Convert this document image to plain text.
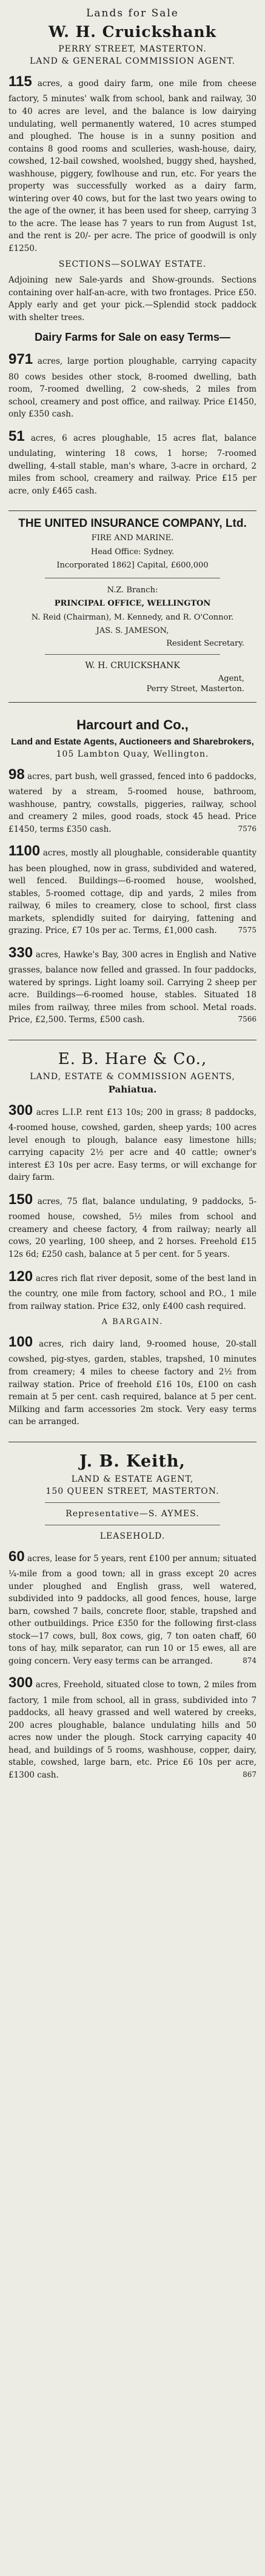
Lands for Sale
W. H. Cruickshank
PERRY STREET, MASTERTON.
LAND & GENERAL COMMISSION AGENT.

115 acres, a good dairy farm, one mile from cheese factory, 5 minutes' walk from school, bank and railway, 30 to 40 acres are level, and the balance is low dairying undulating, well permanently watered, 10 acres stumped and ploughed. The house is in a sunny position and contains 8 good rooms and sculleries, wash-house, dairy, cowshed, 12-bail cowshed, woolshed, buggy shed, hayshed, washhouse, piggery, fowlhouse and run, etc. For years the property was successfully worked as a dairy farm, wintering over 40 cows, but for the last two years owing to the age of the owner, it has been used for sheep, carrying 3 to the acre. The lease has 7 years to run from August 1st, and the rent is 20/- per acre. The price of goodwill is only £1250.

SECTIONS—SOLWAY ESTATE.

Adjoining new Sale-yards and Show-grounds. Sections containing over half-an-acre, with two frontages. Price £50. Apply early and get your pick.—Splendid stock paddock with shelter trees.

Dairy Farms for Sale on easy Terms—

971 acres, large portion ploughable, carrying capacity 80 cows besides other stock, 8-roomed dwelling, bath room, 7-roomed dwelling, 2 cow-sheds, 2 miles from school, creamery and post office, and railway. Price £1450, only £350 cash.

51 acres, 6 acres ploughable, 15 acres flat, balance undulating, wintering 18 cows, 1 horse; 7-roomed dwelling, 4-stall stable, man's whare, 3-acre in orchard, 2 miles from school, creamery and railway. Price £15 per acre, only £465 cash.

THE UNITED INSURANCE COMPANY, Ltd.
FIRE AND MARINE.
Head Office: Sydney.
Incorporated 1862] Capital, £600,000
N.Z. Branch:
PRINCIPAL OFFICE, WELLINGTON
N. Reid (Chairman), M. Kennedy, and R. O'Connor.
JAS. S. JAMESON,
Resident Secretary.
W. H. CRUICKSHANK
Agent,
Perry Street, Masterton.
Harcourt and Co.,
Land and Estate Agents, Auctioneers and Sharebrokers,
105 Lambton Quay, Wellington.

98 acres, part bush, well grassed, fenced into 6 paddocks, watered by a stream, 5-roomed house, bathroom, washhouse, pantry, cowstalls, piggeries, railway, school and creamery 2 miles, good roads, stock 45 head. Price £1450, terms £350 cash.	7576

1100 acres, mostly all ploughable, considerable quantity has been ploughed, now in grass, subdivided and watered, well fenced. Buildings—6-roomed house, woolshed, stables, 5-roomed cottage, dip and yards, 2 miles from railway, 6 miles to creamery, close to school, first class markets, splendidly suited for dairying, fattening and grazing. Price, £7 10s per ac. Terms, £1,000 cash.	7575

330 acres, Hawke's Bay, 300 acres in English and Native grasses, balance now felled and grassed. In four paddocks, watered by springs. Light loamy soil. Carrying 2 sheep per acre. Buildings—6-roomed house, stables. Situated 18 miles from railway, three miles from school. Metal roads. Price, £2,500. Terms, £500 cash.	7566

E. B. Hare & Co.,
LAND, ESTATE & COMMISSION AGENTS,
Pahiatua.

300 acres L.I.P. rent £13 10s; 200 in grass; 8 paddocks, 4-roomed house, cowshed, garden, sheep yards; 100 acres level enough to plough, balance easy limestone hills; carrying capacity 2½ per acre and 40 cattle; owner's interest £3 10s per acre. Easy terms, or will exchange for dairy farm.

150 acres, 75 flat, balance undulating, 9 paddocks, 5-roomed house, cowshed, 5½ miles from school and creamery and cheese factory, 4 from railway; nearly all cows, 20 yearling, 100 sheep, and 2 horses. Freehold £15 12s 6d; £250 cash, balance at 5 per cent. for 5 years.

120 acres rich flat river deposit, some of the best land in the country, one mile from factory, school and P.O., 1 mile from railway station. Price £32, only £400 cash required.

A BARGAIN.

100 acres, rich dairy land, 9-roomed house, 20-stall cowshed, pig-styes, garden, stables, trapshed, 10 minutes from creamery; 4 miles to cheese factory and 2½ from railway station. Price of freehold £16 10s, £100 on cash remain at 5 per cent. cash required, balance at 5 per cent. Milking and farm accessories 2m stock. Very easy terms can be arranged.

J. B. Keith,
LAND & ESTATE AGENT,
150 QUEEN STREET, MASTERTON.
Representative—S. AYMES.
LEASEHOLD.

60 acres, lease for 5 years, rent £100 per annum; situated ¼-mile from a good town; all in grass except 20 acres under ploughed and English grass, well watered, subdivided into 9 paddocks, all good fences, house, large barn, cowshed 7 bails, concrete floor, stable, trapshed and other outbuildings. Price £350 for the following first-class stock—17 cows, bull, 8ox cows, gig, 7 ton oaten chaff, 60 tons of hay, milk separator, can run 10 or 15 ewes, all are going concern. Very easy terms can be arranged.	874

300 acres, Freehold, situated close to town, 2 miles from factory, 1 mile from school, all in grass, subdivided into 7 paddocks, all heavy grassed and well watered by creeks, 200 acres ploughable, balance undulating hills and 50 acres now under the plough. Stock carrying capacity 40 head, and buildings of 5 rooms, washhouse, copper, dairy, stable, cowshed, large barn, etc. Price £6 10s per acre, £1300 cash.	867
